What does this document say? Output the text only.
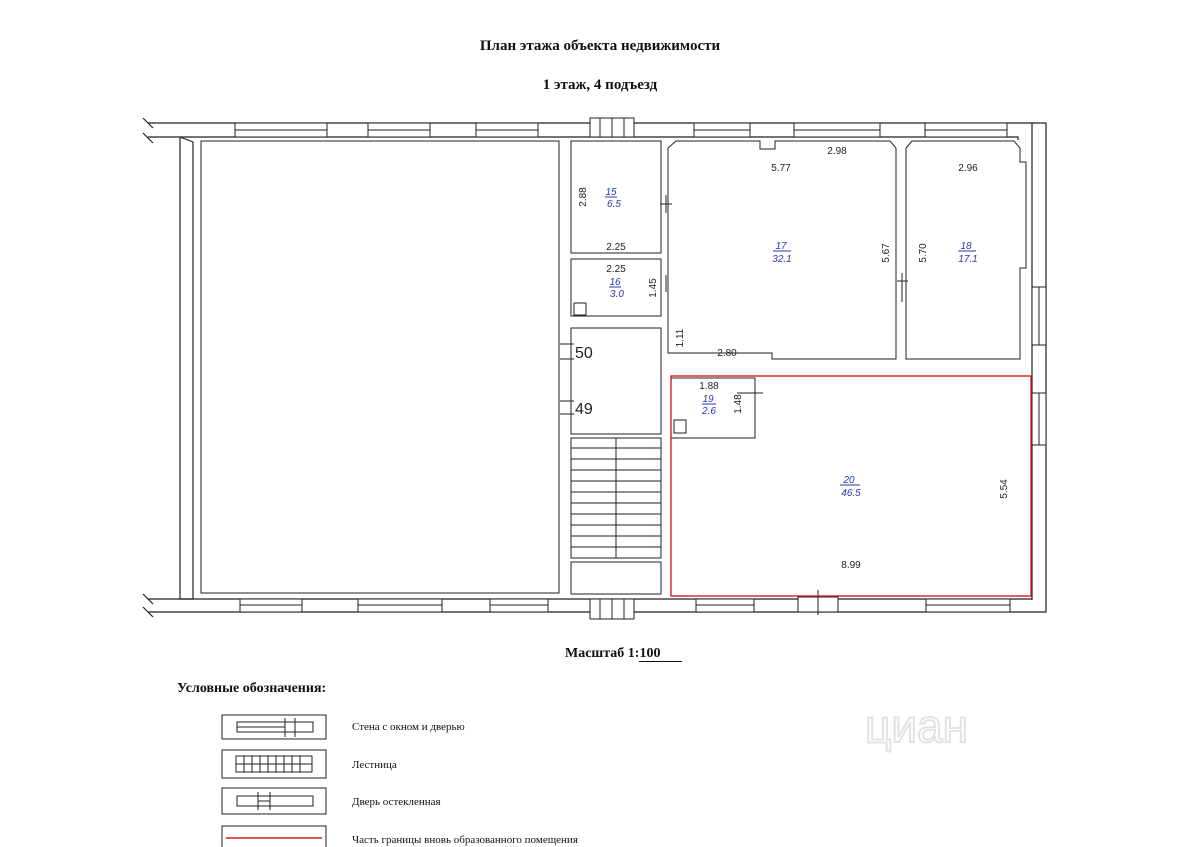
План этажа объекта недвижимости
1 этаж, 4 подъезд
циан
15
6.5
16
3.0
17
32.1
18
17.1
19
2.6
20
46.5
2.88
2.25
2.25
1.45
5.77
2.98
5.67
1.11
2.80
2.96
5.70
1.88
1.48
5.54
8.99
50
49
Масштаб 1:100
Условные обозначения:
Стена с окном и дверью
Лестница
Дверь остекленная
Часть границы вновь образованного помещения
